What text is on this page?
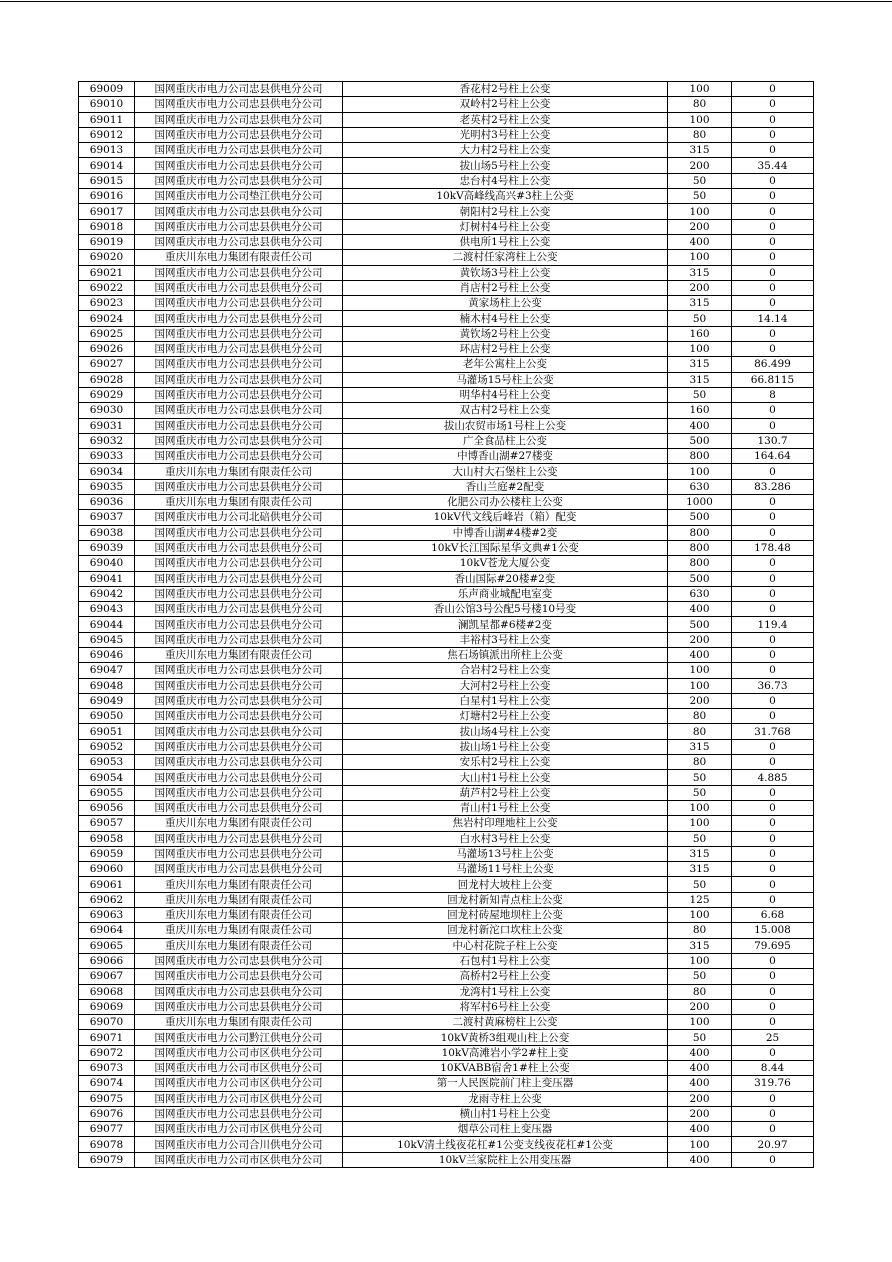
69009	国网重庆市电力公司忠县供电分公司	香花村2号柱上公变	100	0
69010	国网重庆市电力公司忠县供电分公司	双岭村2号柱上公变	80	0
69011	国网重庆市电力公司忠县供电分公司	老英村2号柱上公变	100	0
69012	国网重庆市电力公司忠县供电分公司	光明村3号柱上公变	80	0
69013	国网重庆市电力公司忠县供电分公司	大力村2号柱上公变	315	0
69014	国网重庆市电力公司忠县供电分公司	拔山场5号柱上公变	200	35.44
69015	国网重庆市电力公司忠县供电分公司	忠台村4号柱上公变	50	0
69016	国网重庆市电力公司垫江供电分公司	10kV高峰线高兴#3柱上公变	50	0
69017	国网重庆市电力公司忠县供电分公司	朝阳村2号柱上公变	100	0
69018	国网重庆市电力公司忠县供电分公司	灯树村4号柱上公变	200	0
69019	国网重庆市电力公司忠县供电分公司	供电所1号柱上公变	400	0
69020	重庆川东电力集团有限责任公司	二渡村任家湾柱上公变	100	0
69021	国网重庆市电力公司忠县供电分公司	黄钦场3号柱上公变	315	0
69022	国网重庆市电力公司忠县供电分公司	肖店村2号柱上公变	200	0
69023	国网重庆市电力公司忠县供电分公司	黄家场柱上公变	315	0
69024	国网重庆市电力公司忠县供电分公司	楠木村4号柱上公变	50	14.14
69025	国网重庆市电力公司忠县供电分公司	黄钦场2号柱上公变	160	0
69026	国网重庆市电力公司忠县供电分公司	环店村2号柱上公变	100	0
69027	国网重庆市电力公司忠县供电分公司	老年公寓柱上公变	315	86.499
69028	国网重庆市电力公司忠县供电分公司	马灌场15号柱上公变	315	66.8115
69029	国网重庆市电力公司忠县供电分公司	明华村4号柱上公变	50	8
69030	国网重庆市电力公司忠县供电分公司	双古村2号柱上公变	160	0
69031	国网重庆市电力公司忠县供电分公司	拔山农贸市场1号柱上公变	400	0
69032	国网重庆市电力公司忠县供电分公司	广全食品柱上公变	500	130.7
69033	国网重庆市电力公司忠县供电分公司	中博香山湖#27楼变	800	164.64
69034	重庆川东电力集团有限责任公司	大山村大石堡柱上公变	100	0
69035	国网重庆市电力公司忠县供电分公司	香山兰庭#2配变	630	83.286
69036	重庆川东电力集团有限责任公司	化肥公司办公楼柱上公变	1000	0
69037	国网重庆市电力公司北碚供电分公司	10kV代文线后峰岩（箱）配变	500	0
69038	国网重庆市电力公司忠县供电分公司	中博香山湖#4楼#2变	800	0
69039	国网重庆市电力公司忠县供电分公司	10kV长江国际星华文典#1公变	800	178.48
69040	国网重庆市电力公司忠县供电分公司	10kV苍龙大厦公变	800	0
69041	国网重庆市电力公司忠县供电分公司	香山国际#20楼#2变	500	0
69042	国网重庆市电力公司忠县供电分公司	乐声商业城配电室变	630	0
69043	国网重庆市电力公司忠县供电分公司	香山公馆3号公配5号楼10号变	400	0
69044	国网重庆市电力公司忠县供电分公司	澜凯星都#6楼#2变	500	119.4
69045	国网重庆市电力公司忠县供电分公司	丰裕村3号柱上公变	200	0
69046	重庆川东电力集团有限责任公司	焦石场镇派出所柱上公变	400	0
69047	国网重庆市电力公司忠县供电分公司	合岩村2号柱上公变	100	0
69048	国网重庆市电力公司忠县供电分公司	大河村2号柱上公变	100	36.73
69049	国网重庆市电力公司忠县供电分公司	白星村1号柱上公变	200	0
69050	国网重庆市电力公司忠县供电分公司	灯塘村2号柱上公变	80	0
69051	国网重庆市电力公司忠县供电分公司	拔山场4号柱上公变	80	31.768
69052	国网重庆市电力公司忠县供电分公司	拔山场1号柱上公变	315	0
69053	国网重庆市电力公司忠县供电分公司	安乐村2号柱上公变	80	0
69054	国网重庆市电力公司忠县供电分公司	大山村1号柱上公变	50	4.885
69055	国网重庆市电力公司忠县供电分公司	葫芦村2号柱上公变	50	0
69056	国网重庆市电力公司忠县供电分公司	青山村1号柱上公变	100	0
69057	重庆川东电力集团有限责任公司	焦岩村印理地柱上公变	100	0
69058	国网重庆市电力公司忠县供电分公司	白水村3号柱上公变	50	0
69059	国网重庆市电力公司忠县供电分公司	马灌场13号柱上公变	315	0
69060	国网重庆市电力公司忠县供电分公司	马灌场11号柱上公变	315	0
69061	重庆川东电力集团有限责任公司	回龙村大坡柱上公变	50	0
69062	重庆川东电力集团有限责任公司	回龙村新知青点柱上公变	125	0
69063	重庆川东电力集团有限责任公司	回龙村砖屋地坝柱上公变	100	6.68
69064	重庆川东电力集团有限责任公司	回龙村新沱口坎柱上公变	80	15.008
69065	重庆川东电力集团有限责任公司	中心村花院子柱上公变	315	79.695
69066	国网重庆市电力公司忠县供电分公司	石包村1号柱上公变	100	0
69067	国网重庆市电力公司忠县供电分公司	高桥村2号柱上公变	50	0
69068	国网重庆市电力公司忠县供电分公司	龙湾村1号柱上公变	80	0
69069	国网重庆市电力公司忠县供电分公司	将军村6号柱上公变	200	0
69070	重庆川东电力集团有限责任公司	二渡村黄麻榜柱上公变	100	0
69071	国网重庆市电力公司黔江供电分公司	10kV黄桥3组观山柱上公变	50	25
69072	国网重庆市电力公司市区供电分公司	10kV高滩岩小学2#柱上变	400	0
69073	国网重庆市电力公司市区供电分公司	10KVABB宿舍1#柱上公变	400	8.44
69074	国网重庆市电力公司市区供电分公司	第一人民医院前门柱上变压器	400	319.76
69075	国网重庆市电力公司市区供电分公司	龙雨寺柱上公变	200	0
69076	国网重庆市电力公司忠县供电分公司	横山村1号柱上公变	200	0
69077	国网重庆市电力公司市区供电分公司	烟草公司柱上变压器	400	0
69078	国网重庆市电力公司合川供电分公司	10kV清土线夜花杠#1公变支线夜花杠#1公变	100	20.97
69079	国网重庆市电力公司市区供电分公司	10kV兰家院柱上公用变压器	400	0
